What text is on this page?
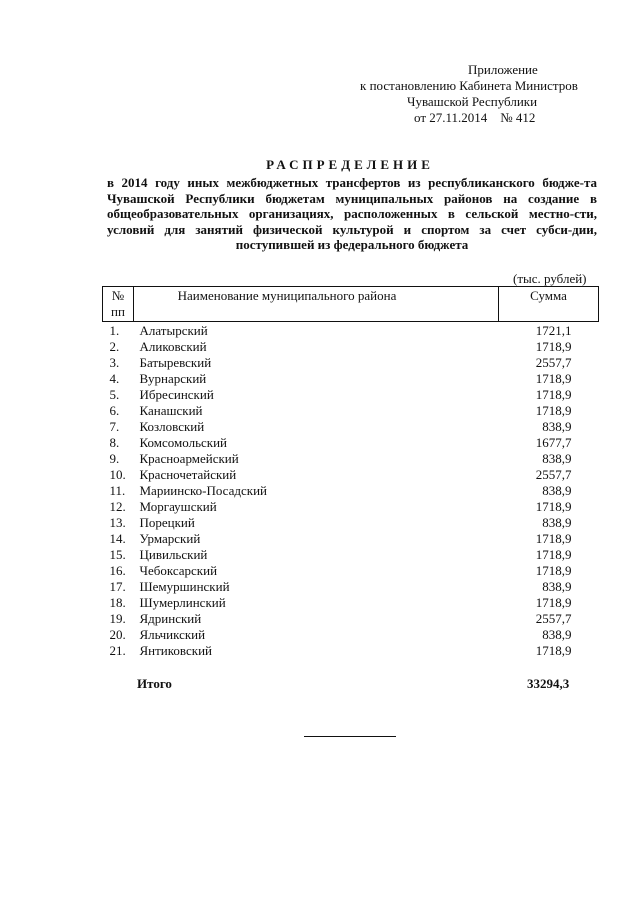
Приложение
к постановлению Кабинета Министров
Чувашской Республики
от 27.11.2014    № 412
РАСПРЕДЕЛЕНИЕ
в 2014 году иных межбюджетных трансфертов из республиканского бюдже-та Чувашской Республики бюджетам муниципальных районов на создание в общеобразовательных организациях, расположенных в сельской местно-сти, условий для занятий физической культурой и спортом за счет субси-дии, поступившей из федерального бюджета
(тыс. рублей)
№ пп	Наименование муниципального района	Сумма
1.	Алатырский	1721,1
2.	Аликовский	1718,9
3.	Батыревский	2557,7
4.	Вурнарский	1718,9
5.	Ибресинский	1718,9
6.	Канашский	1718,9
7.	Козловский	838,9
8.	Комсомольский	1677,7
9.	Красноармейский	838,9
10.	Красночетайский	2557,7
11.	Мариинско-Посадский	838,9
12.	Моргаушский	1718,9
13.	Порецкий	838,9
14.	Урмарский	1718,9
15.	Цивильский	1718,9
16.	Чебоксарский	1718,9
17.	Шемуршинский	838,9
18.	Шумерлинский	1718,9
19.	Ядринский	2557,7
20.	Яльчикский	838,9
21.	Янтиковский	1718,9
Итого	33294,3
